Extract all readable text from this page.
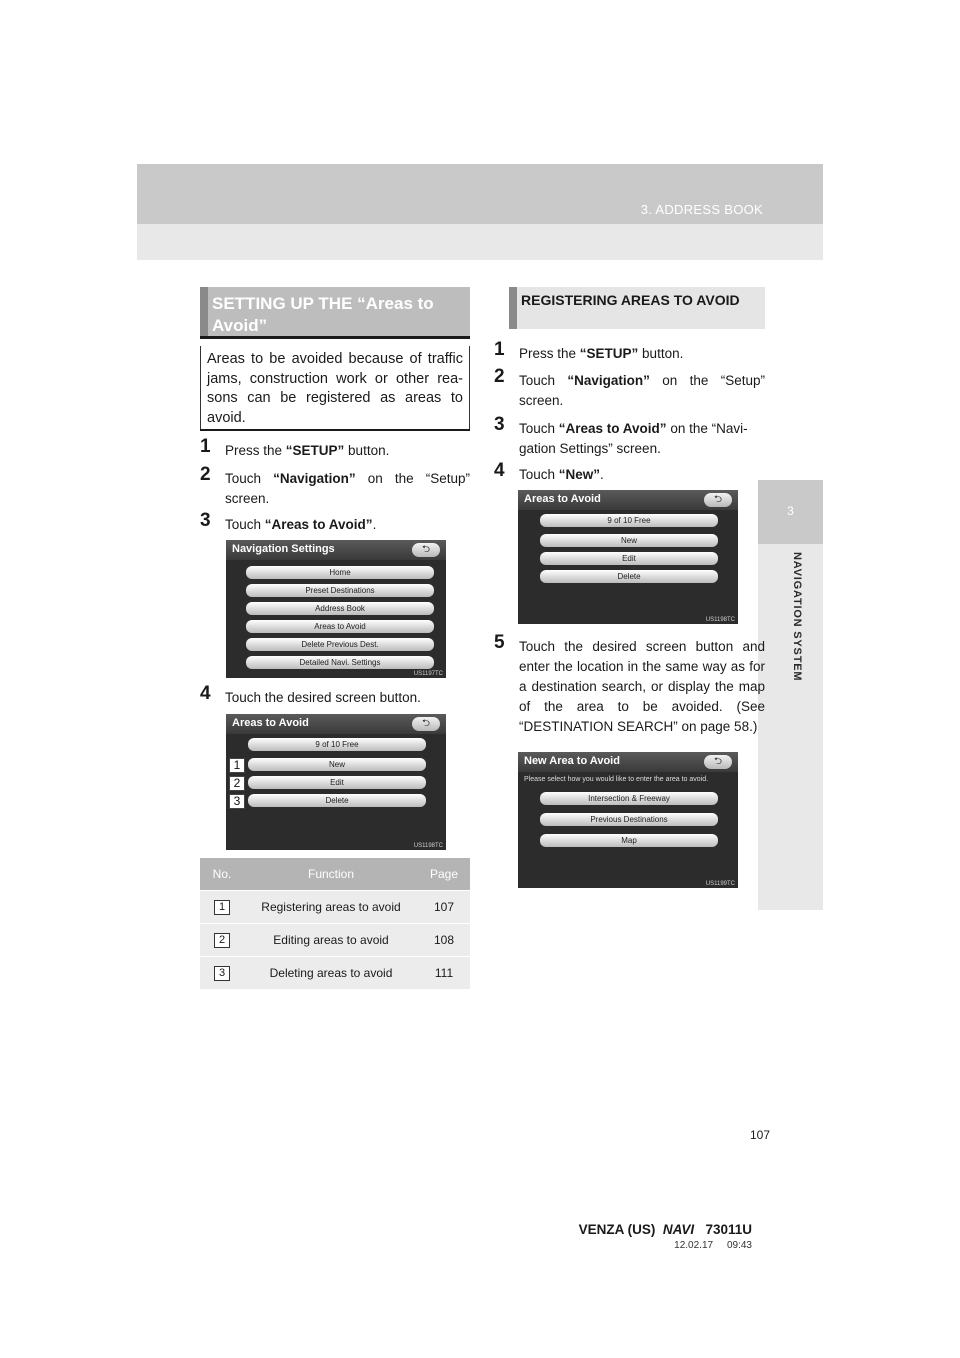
3. ADDRESS BOOK
3
NAVIGATION SYSTEM
SETTING UP THE “Areas to Avoid”
Areas to be avoided because of traffic jams, construction work or other rea-sons can be registered as areas to avoid.
1	Press the “SETUP” button.
2	Touch “Navigation” on the “Setup” screen.
3	Touch “Areas to Avoid”.
Navigation Settings	⮌
Home
Preset Destinations
Address Book
Areas to Avoid
Delete Previous Dest.
Detailed Navi. Settings
US1197TC
4	Touch the desired screen button.
Areas to Avoid	⮌
9 of 10 Free
New
Edit
Delete
1
2
3
US1198TC
No.	Function	Page
1	Registering areas to avoid	107
2	Editing areas to avoid	108
3	Deleting areas to avoid	111
REGISTERING AREAS TO AVOID
1	Press the “SETUP” button.
2	Touch “Navigation” on the “Setup” screen.
3	Touch “Areas to Avoid” on the “Navi-gation Settings” screen.
4	Touch “New”.
Areas to Avoid	⮌
9 of 10 Free
New
Edit
Delete
US1198TC
5	Touch the desired screen button and enter the location in the same way as for a destination search, or display the map of the area to be avoided. (See “DESTINATION SEARCH” on page 58.)
New Area to Avoid	⮌
Please select how you would like to enter the area to avoid.
Intersection & Freeway
Previous Destinations
Map
US1199TC
107
VENZA (US) NAVI 73011U
12.02.17     09:43
